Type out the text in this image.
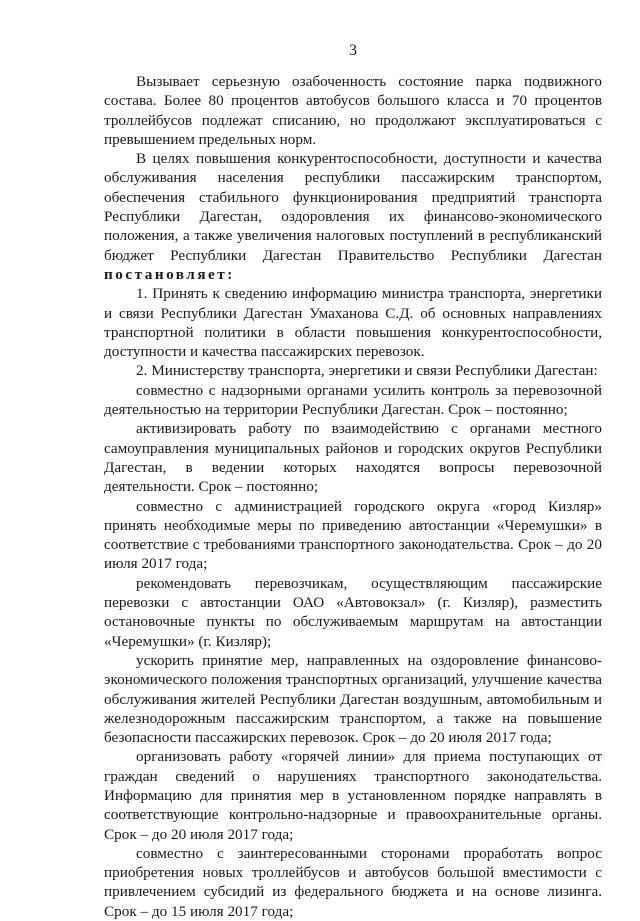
3

Вызывает серьезную озабоченность состояние парка подвижного состава. Более 80 процентов автобусов большого класса и 70 процентов троллейбусов подлежат списанию, но продолжают эксплуатироваться с превышением предельных норм.

В целях повышения конкурентоспособности, доступности и качества обслуживания населения республики пассажирским транспортом, обеспечения стабильного функционирования предприятий транспорта Республики Дагестан, оздоровления их финансово-экономического положения, а также увеличения налоговых поступлений в республиканский бюджет Республики Дагестан Правительство Республики Дагестан постановляет:

1. Принять к сведению информацию министра транспорта, энергетики и связи Республики Дагестан Умаханова С.Д. об основных направлениях транспортной политики в области повышения конкурентоспособности, доступности и качества пассажирских перевозок.

2. Министерству транспорта, энергетики и связи Республики Дагестан:

совместно с надзорными органами усилить контроль за перевозочной деятельностью на территории Республики Дагестан. Срок – постоянно;

активизировать работу по взаимодействию с органами местного самоуправления муниципальных районов и городских округов Республики Дагестан, в ведении которых находятся вопросы перевозочной деятельности. Срок – постоянно;

совместно с администрацией городского округа «город Кизляр» принять необходимые меры по приведению автостанции «Черемушки» в соответствие с требованиями транспортного законодательства. Срок – до 20 июля 2017 года;

рекомендовать перевозчикам, осуществляющим пассажирские перевозки с автостанции ОАО «Автовокзал» (г. Кизляр), разместить остановочные пункты по обслуживаемым маршрутам на автостанции «Черемушки» (г. Кизляр);

ускорить принятие мер, направленных на оздоровление финансово-экономического положения транспортных организаций, улучшение качества обслуживания жителей Республики Дагестан воздушным, автомобильным и железнодорожным пассажирским транспортом, а также на повышение безопасности пассажирских перевозок. Срок – до 20 июля 2017 года;

организовать работу «горячей линии» для приема поступающих от граждан сведений о нарушениях транспортного законодательства. Информацию для принятия мер в установленном порядке направлять в соответствующие контрольно-надзорные и правоохранительные органы. Срок – до 20 июля 2017 года;

совместно с заинтересованными сторонами проработать вопрос приобретения новых троллейбусов и автобусов большой вместимости с привлечением субсидий из федерального бюджета и на основе лизинга. Срок – до 15 июля 2017 года;
